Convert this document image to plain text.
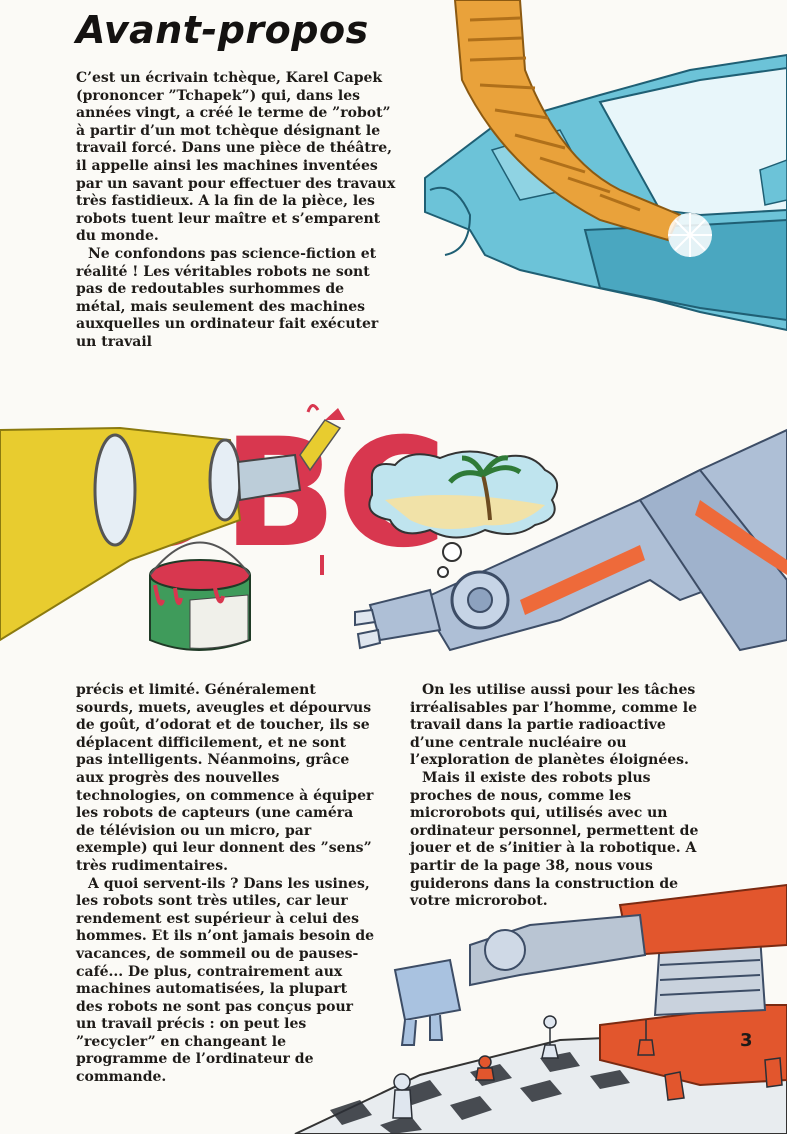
Avant-propos

C’est un écrivain tchèque, Karel Capek (prononcer ”Tchapek”) qui, dans les années vingt, a créé le terme de ”robot” à partir d’un mot tchèque désignant le travail forcé. Dans une pièce de théâtre, il appelle ainsi les machines inventées par un savant pour effectuer des travaux très fastidieux. A la fin de la pièce, les robots tuent leur maître et s’emparent du monde.

Ne confondons pas science-fiction et réalité ! Les véritables robots ne sont pas de redoutables surhommes de métal, mais seulement des machines auxquelles un ordinateur fait exécuter un travail

précis et limité. Généralement sourds, muets, aveugles et dépourvus de goût, d’odorat et de toucher, ils se déplacent difficilement, et ne sont pas intelligents. Néanmoins, grâce aux progrès des nouvelles technologies, on commence à équiper les robots de capteurs (une caméra de télévision ou un micro, par exemple) qui leur donnent des ”sens” très rudimentaires.

A quoi servent-ils ? Dans les usines, les robots sont très utiles, car leur rendement est supérieur à celui des hommes. Et ils n’ont jamais besoin de vacances, de sommeil ou de pauses-café... De plus, contrairement aux machines automatisées, la plupart des robots ne sont pas conçus pour un travail précis : on peut les ”recycler” en changeant le programme de l’ordinateur de commande.

On les utilise aussi pour les tâches irréalisables par l’homme, comme le travail dans la partie radioactive d’une centrale nucléaire ou l’exploration de planètes éloignées.

Mais il existe des robots plus proches de nous, comme les microrobots qui, utilisés avec un ordinateur personnel, permettent de jouer et de s’initier à la robotique. A partir de la page 38, nous vous guiderons dans la construction de votre microrobot.

3
